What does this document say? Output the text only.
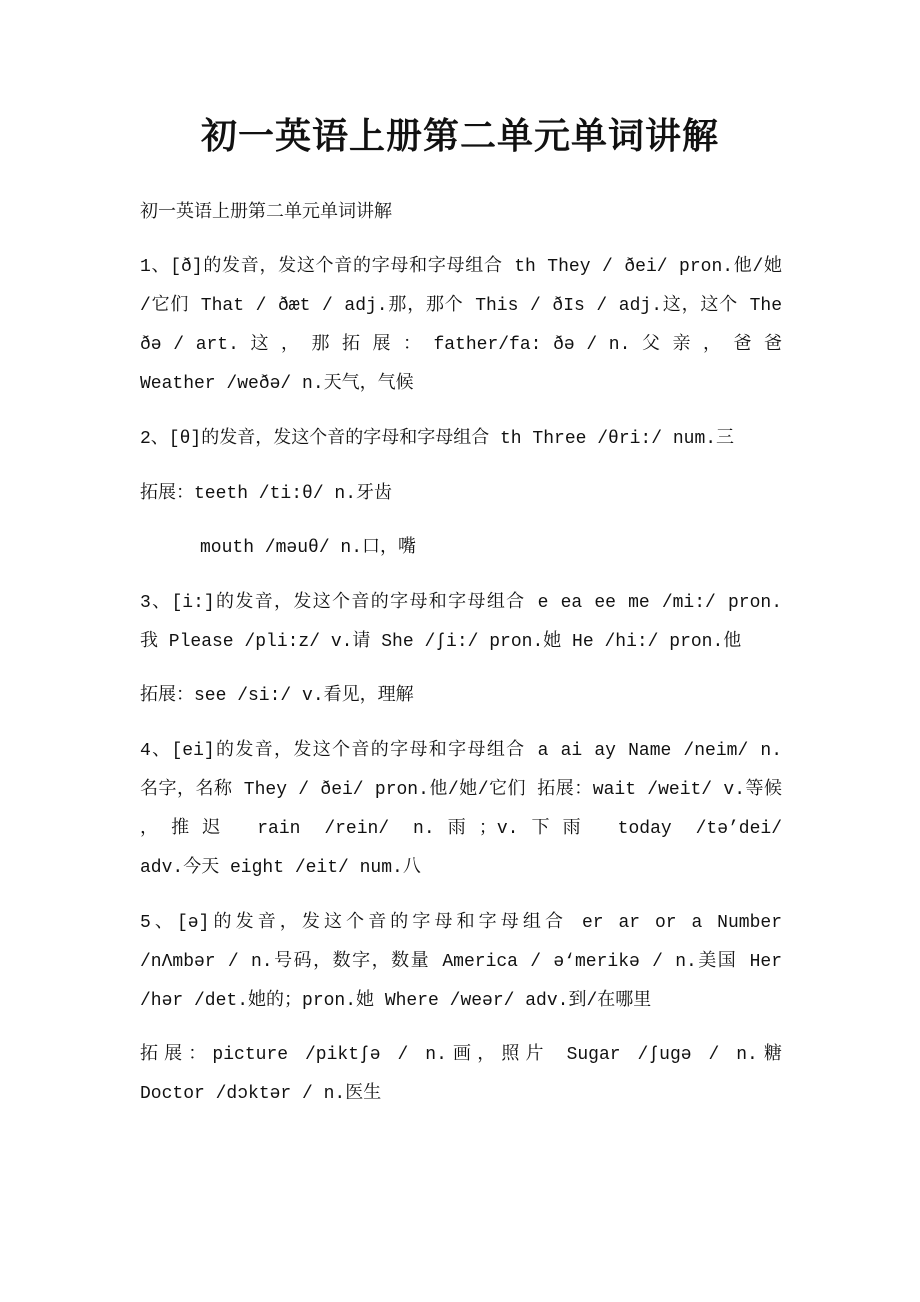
初一英语上册第二单元单词讲解
初一英语上册第二单元单词讲解
1、[ð]的发音，发这个音的字母和字母组合 th They / ðei/ pron.他/她
/它们 That / ðæt / adj.那，那个 This / ðIs / adj.这，这个 The
ðə / art. 这 ， 那 拓 展 ： father/fa: ðə / n. 父 亲 ， 爸 爸
Weather /weðə/ n.天气，气候
2、[θ]的发音，发这个音的字母和字母组合 th Three /θri:/ num.三
拓展：teeth /ti:θ/ n.牙齿
mouth /məuθ/ n.口，嘴
3、[i:]的发音，发这个音的字母和字母组合 e ea ee me /mi:/ pron.
我 Please /pli:z/ v.请 She /ʃi:/ pron.她 He /hi:/ pron.他
拓展：see /si:/ v.看见，理解
4、[ei]的发音，发这个音的字母和字母组合 a ai ay Name /neim/ n.
名字，名称 They / ðei/ pron.他/她/它们 拓展：wait /weit/ v.等候
，推迟 rain /rein/ n.雨；v.下雨 today /tə’dei/
adv.今天 eight /eit/ num.八
5、[ə]的发音，发这个音的字母和字母组合 er ar or a Number
/nΛmbər / n.号码，数字，数量 America / ə‘merikə / n.美国 Her
/hər /det.她的；pron.她 Where /weər/ adv.到/在哪里
拓展：picture /piktʃə / n.画，照片 Sugar /ʃugə / n.糖
Doctor /dɔktər / n.医生
